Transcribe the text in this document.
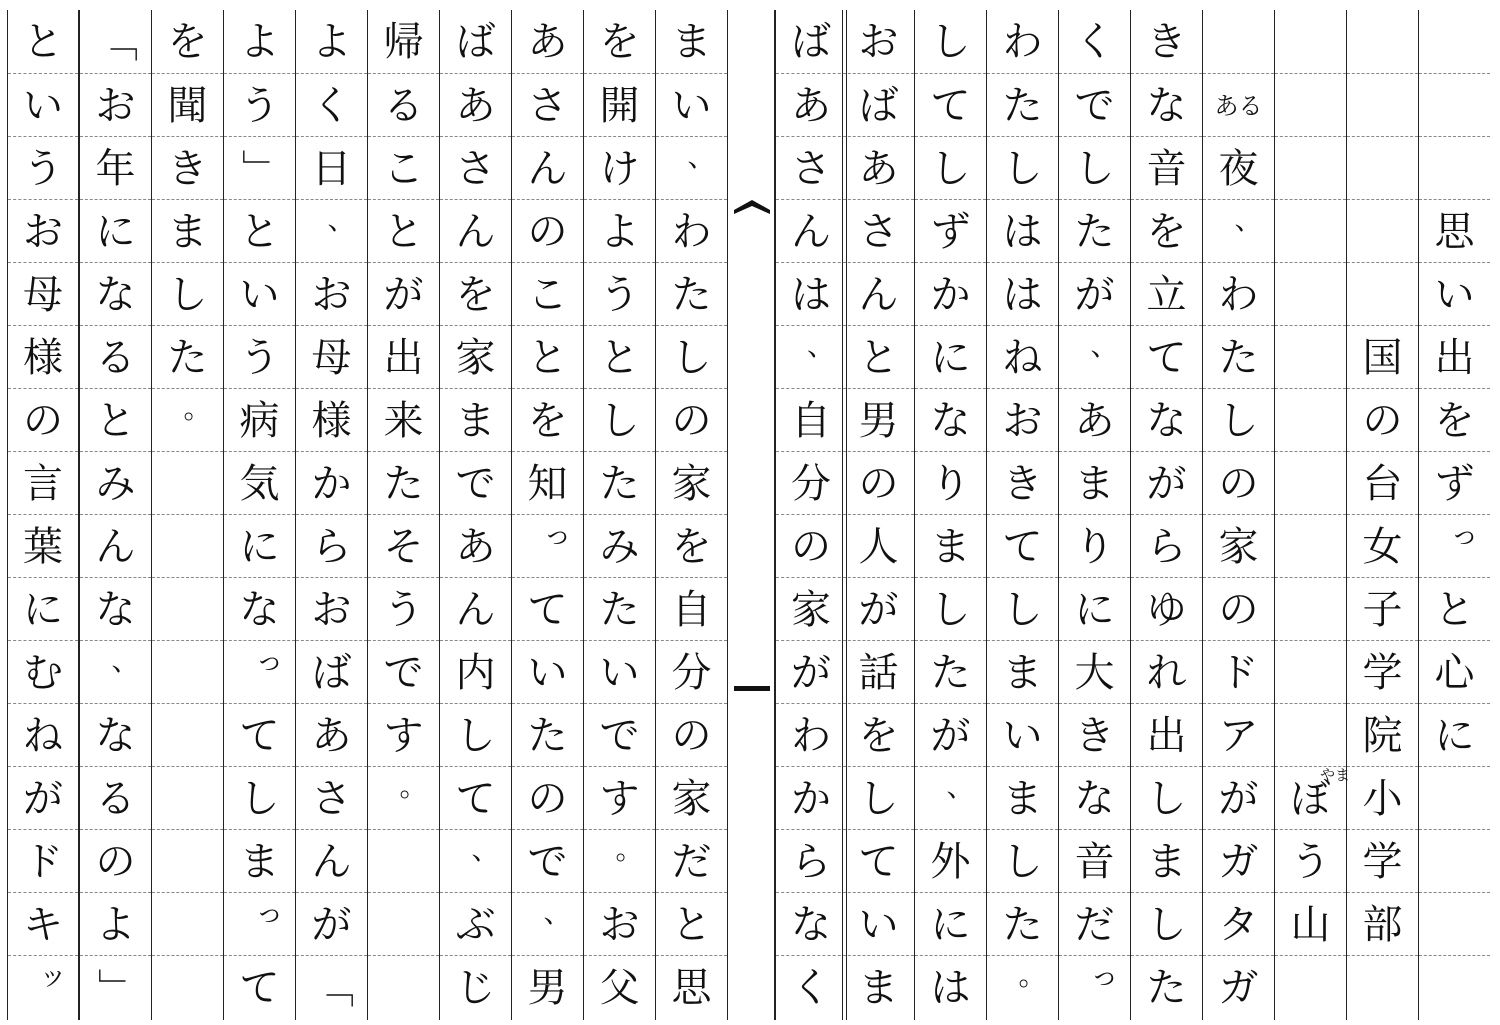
思
い
出
を
ず
っ
と
心
に
国
の
台
女
子
学
院
小
学
部
ぼ
う
山
ある
夜
、
わ
た
し
の
家
の
ド
ア
が
ガ
タ
ガ
き
な
音
を
立
て
な
が
ら
ゆ
れ
出
し
ま
し
た
く
で
し
た
が
、
あ
ま
り
に
大
き
な
音
だ
っ
わ
た
し
は
は
ね
お
き
て
し
ま
い
ま
し
た
。
し
て
し
ず
か
に
な
り
ま
し
た
が
、
外
に
は
お
ば
あ
さ
ん
と
男
の
人
が
話
を
し
て
い
ま
ば
あ
さ
ん
は
、
自
分
の
家
が
わ
か
ら
な
く
ま
い
、
わ
た
し
の
家
を
自
分
の
家
だ
と
思
を
開
け
よ
う
と
し
た
み
た
い
で
す
。
お
父
あ
さ
ん
の
こ
と
を
知
っ
て
い
た
の
で
、
男
ば
あ
さ
ん
を
家
ま
で
あ
ん
内
し
て
、
ぶ
じ
帰
る
こ
と
が
出
来
た
そ
う
で
す
。
よ
く
日
、
お
母
様
か
ら
お
ば
あ
さ
ん
が
「
よ
う
」
と
い
う
病
気
に
な
っ
て
し
ま
っ
て
を
聞
き
ま
し
た
。
「
お
年
に
な
る
と
み
ん
な
、
な
る
の
よ
」
と
い
う
お
母
様
の
言
葉
に
む
ね
が
ド
キ
ッ
やま
